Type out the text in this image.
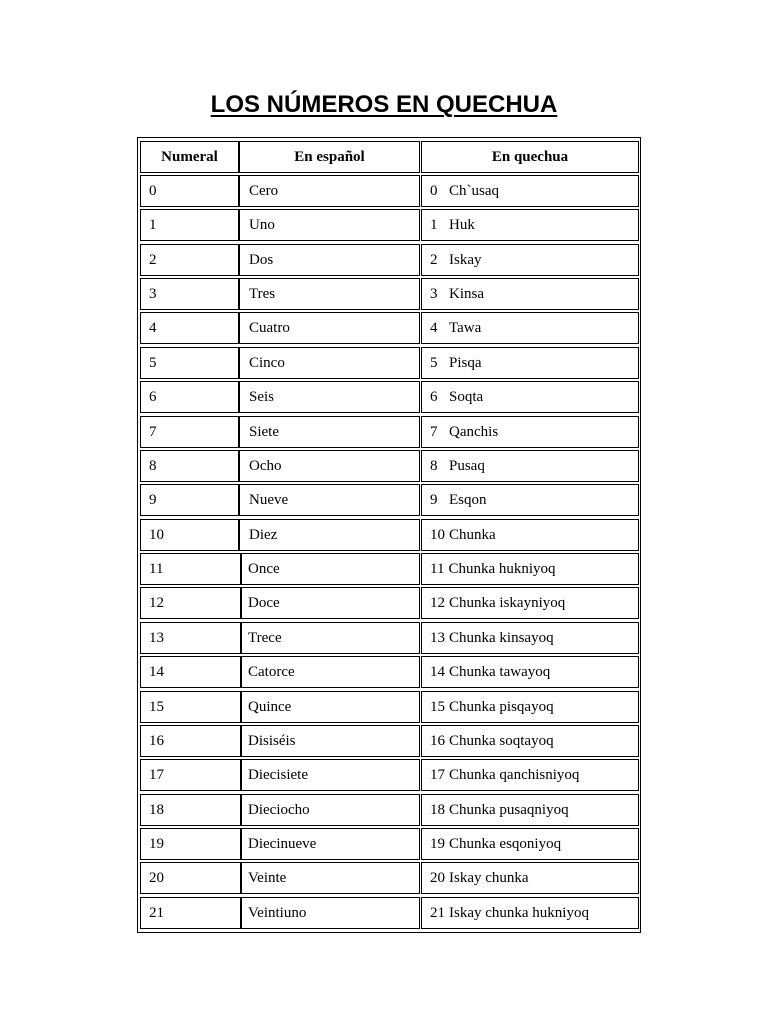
LOS NÚMEROS EN QUECHUA
Numeral	En español	En quechua
0	Cero	0 Ch`usaq
1	Uno	1 Huk
2	Dos	2 Iskay
3	Tres	3 Kinsa
4	Cuatro	4 Tawa
5	Cinco	5 Pisqa
6	Seis	6 Soqta
7	Siete	7 Qanchis
8	Ocho	8 Pusaq
9	Nueve	9 Esqon
10	Diez	10 Chunka
11	Once	11 Chunka hukniyoq
12	Doce	12 Chunka iskayniyoq
13	Trece	13 Chunka kinsayoq
14	Catorce	14 Chunka tawayoq
15	Quince	15 Chunka pisqayoq
16	Disiséis	16 Chunka soqtayoq
17	Diecisiete	17 Chunka qanchisniyoq
18	Dieciocho	18 Chunka pusaqniyoq
19	Diecinueve	19 Chunka esqoniyoq
20	Veinte	20 Iskay chunka
21	Veintiuno	21 Iskay chunka hukniyoq
